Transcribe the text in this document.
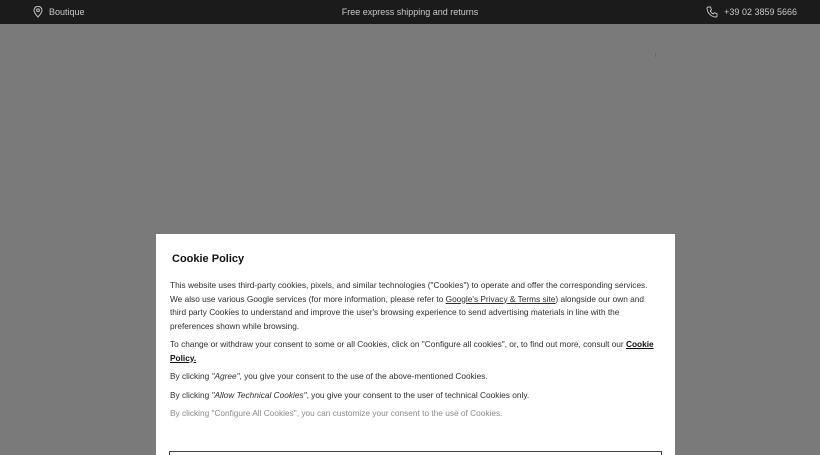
Boutique	Free express shipping and returns	+39 02 3859 5666
Cookie Policy

This website uses third-party cookies, pixels, and similar technologies ("Cookies") to operate and offer the corresponding services. We also use various Google services (for more information, please refer to Google's Privacy & Terms site) alongside our own and third party Cookies to understand and improve the user's browsing experience to send advertising materials in line with the preferences shown while browsing.

To change or withdraw your consent to some or all Cookies, click on "Configure all cookies", or, to find out more, consult our Cookie Policy.

By clicking "Agree", you give your consent to the use of the above-mentioned Cookies.

By clicking "Allow Technical Cookies", you give your consent to the user of technical Cookies only.

By clicking "Configure All Cookies", you can customize your consent to the use of Cookies.
